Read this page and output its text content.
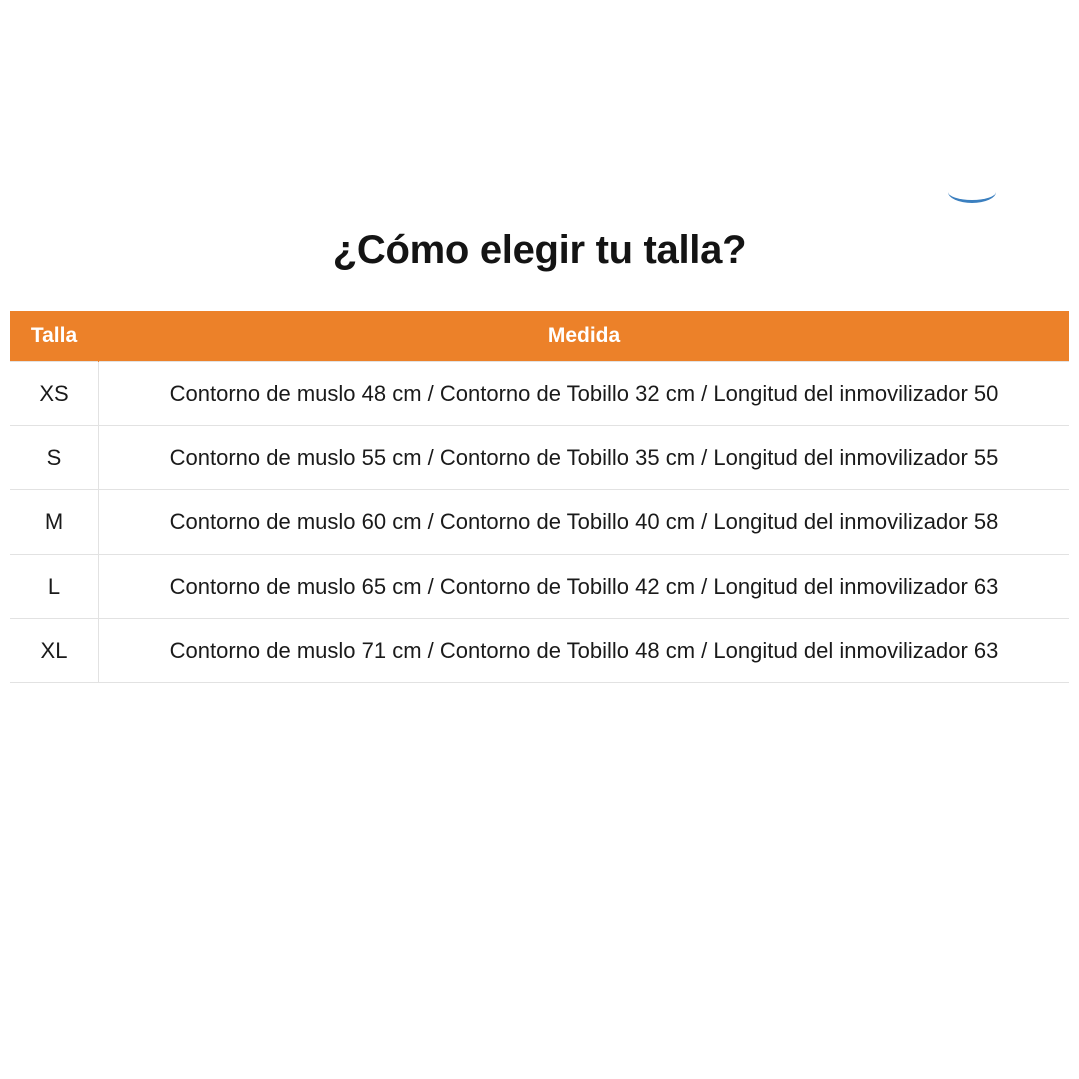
¿Cómo elegir tu talla?
Talla	Medida
XS	Contorno de muslo 48 cm / Contorno de Tobillo 32 cm / Longitud del inmovilizador 50
S	Contorno de muslo 55 cm / Contorno de Tobillo 35 cm / Longitud del inmovilizador 55
M	Contorno de muslo 60 cm / Contorno de Tobillo 40 cm / Longitud del inmovilizador 58
L	Contorno de muslo 65 cm / Contorno de Tobillo 42 cm / Longitud del inmovilizador 63
XL	Contorno de muslo 71 cm / Contorno de Tobillo 48 cm / Longitud del inmovilizador 63
